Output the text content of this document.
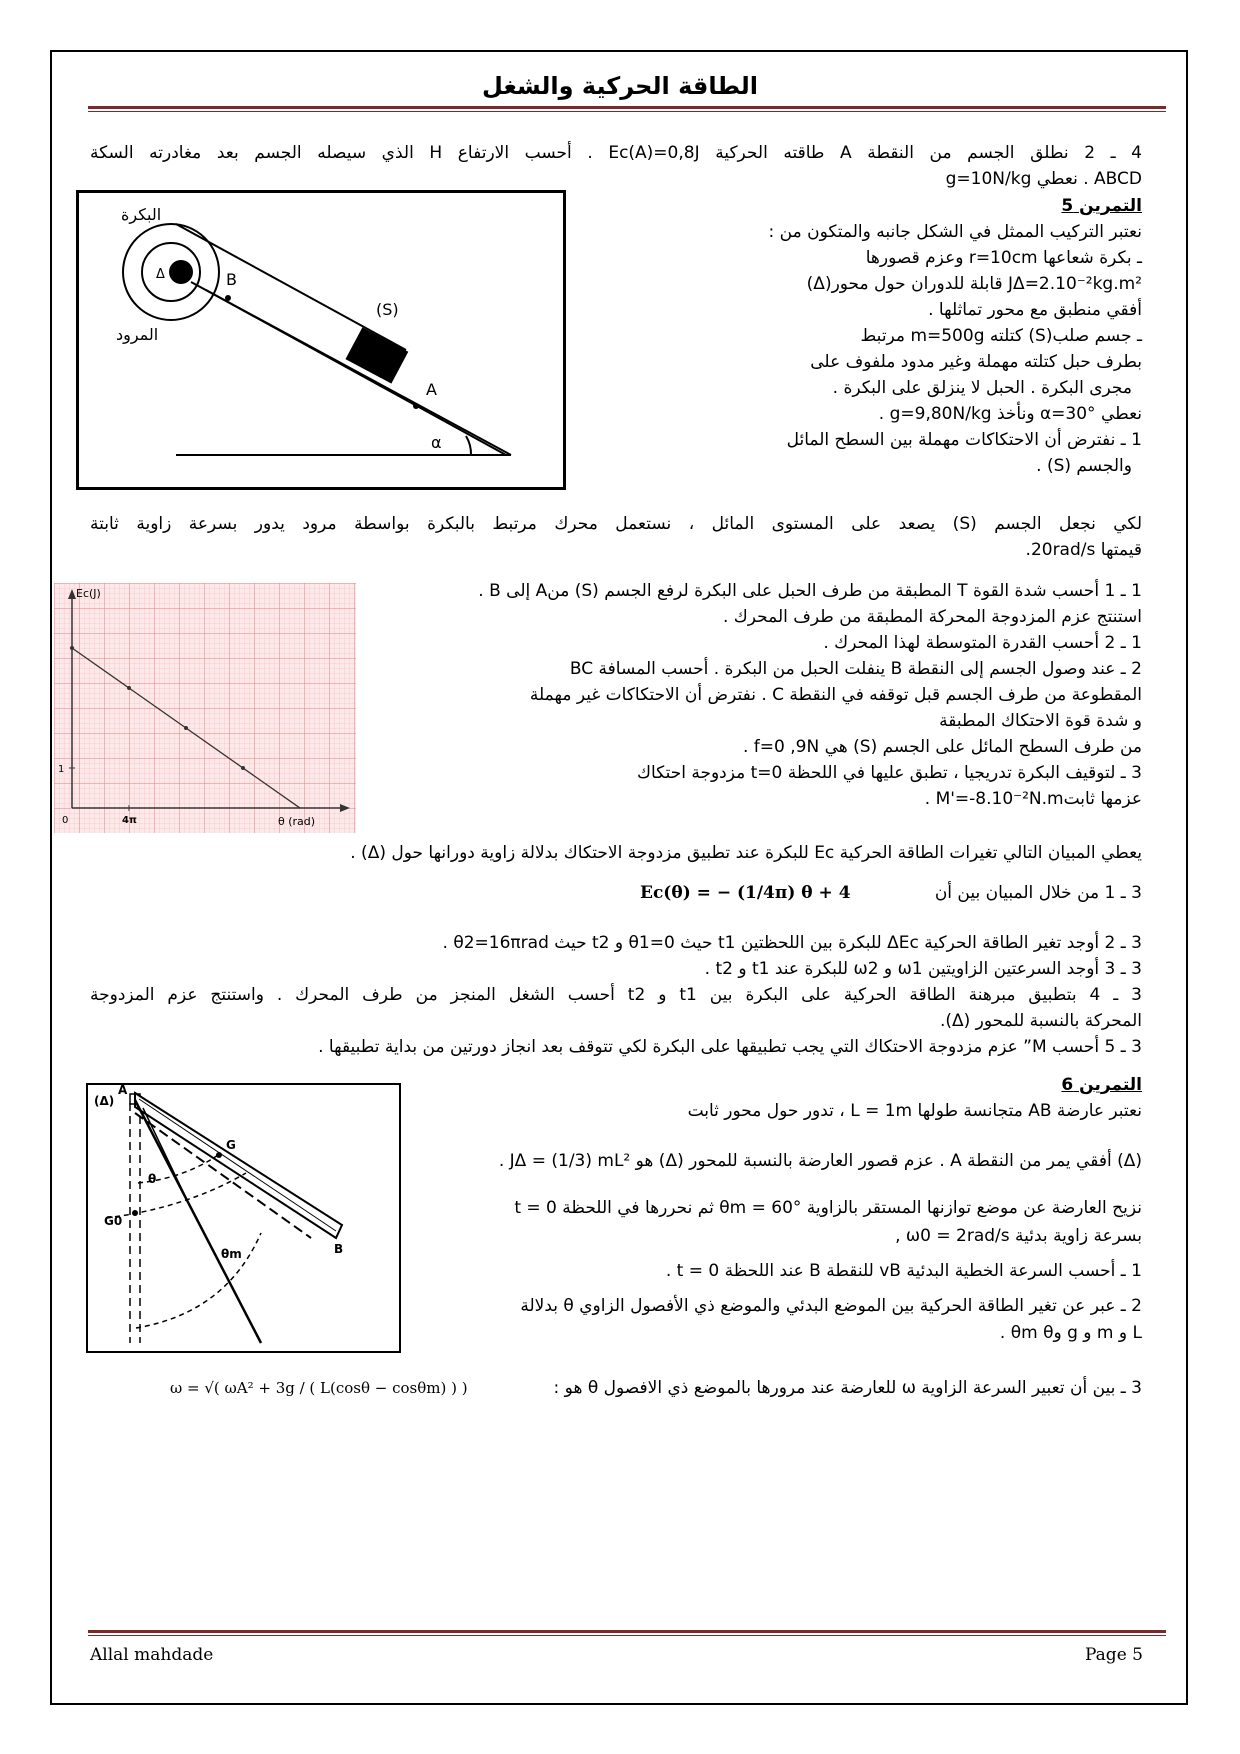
الطاقة الحركية والشغل
4 ـ 2 نطلق الجسم من النقطة A طاقته الحركية Ec(A)=0,8J . أحسب الارتفاع H الذي سيصله الجسم بعد مغادرته السكة
ABCD . نعطي g=10N/kg
التمرين 5
نعتبر التركيب الممثل في الشكل جانبه والمتكون من :
ـ بكرة شعاعها r=10cm وعزم قصورها
JΔ=2.10⁻²kg.m² قابلة للدوران حول محور(Δ)
أفقي منطبق مع محور تماثلها .
ـ جسم صلب(S) كتلته m=500g مرتبط
بطرف حبل كتلته مهملة وغير مدود ملفوف على
مجرى البكرة . الحبل لا ينزلق على البكرة .
نعطي α=30° ونأخذ g=9,80N/kg .
1 ـ نفترض أن الاحتكاكات مهملة بين السطح المائل
والجسم (S) .
البكرة
Δ
المرود
B
(S)
A
α
لكي نجعل الجسم (S) يصعد على المستوى المائل ، نستعمل محرك مرتبط بالبكرة بواسطة مرود يدور بسرعة زاوية ثابتة
قيمتها 20rad/s.
Ec(J)
θ (rad)
0	4π
1
1 ـ 1 أحسب شدة القوة T المطبقة من طرف الحبل على البكرة لرفع الجسم (S) منA إلى B .
استنتج عزم المزدوجة المحركة المطبقة من طرف المحرك .
1 ـ 2 أحسب القدرة المتوسطة لهذا المحرك .
2 ـ عند وصول الجسم إلى النقطة B ينفلت الحبل من البكرة . أحسب المسافة BC
المقطوعة من طرف الجسم قبل توقفه في النقطة C . نفترض أن الاحتكاكات غير مهملة
و شدة قوة الاحتكاك المطبقة
من طرف السطح المائل على الجسم (S) هي f=0 ,9N .
3 ـ لتوقيف البكرة تدريجيا ، تطبق عليها في اللحظة t=0 مزدوجة احتكاك
عزمها ثابتM'=-8.10⁻²N.m .
يعطي المبيان التالي تغيرات الطاقة الحركية Ec للبكرة عند تطبيق مزدوجة الاحتكاك بدلالة زاوية دورانها حول (Δ) .
3 ـ 1 من خلال المبيان بين أن
Ec(θ) = − (1/4π) θ + 4
3 ـ 2 أوجد تغير الطاقة الحركية ΔEc للبكرة بين اللحظتين t1 حيث θ1=0 و t2 حيث θ2=16πrad .
3 ـ 3 أوجد السرعتين الزاويتين ω1 و ω2 للبكرة عند t1 و t2 .
3 ـ 4 بتطبيق مبرهنة الطاقة الحركية على البكرة بين t1 و t2 أحسب الشغل المنجز من طرف المحرك . واستنتج عزم المزدوجة
المحركة بالنسبة للمحور (Δ).
3 ـ 5 أحسب M” عزم مزدوجة الاحتكاك التي يجب تطبيقها على البكرة لكي تتوقف بعد انجاز دورتين من بداية تطبيقها .
التمرين 6
(Δ)
A
G
θ
G0
θm	B
نعتبر عارضة AB متجانسة طولها L = 1m ، تدور حول محور ثابت
(Δ) أفقي يمر من النقطة A . عزم قصور العارضة بالنسبة للمحور (Δ) هو JΔ = (1/3) mL² .
نزيح العارضة عن موضع توازنها المستقر بالزاوية θm = 60° ثم نحررها في اللحظة t = 0
بسرعة زاوية بدئية ω0 = 2rad/s ,
1 ـ أحسب السرعة الخطية البدئية vB للنقطة B عند اللحظة t = 0 .
2 ـ عبر عن تغير الطاقة الحركية بين الموضع البدئي والموضع ذي الأفصول الزاوي θ بدلالة
L و m و g وθm θ .
3 ـ بين أن تعبير السرعة الزاوية ω للعارضة عند مرورها بالموضع ذي الافصول θ هو :
ω = √( ωA² + 3g / ( L(cosθ − cosθm) ) )
Allal mahdade	Page 5
